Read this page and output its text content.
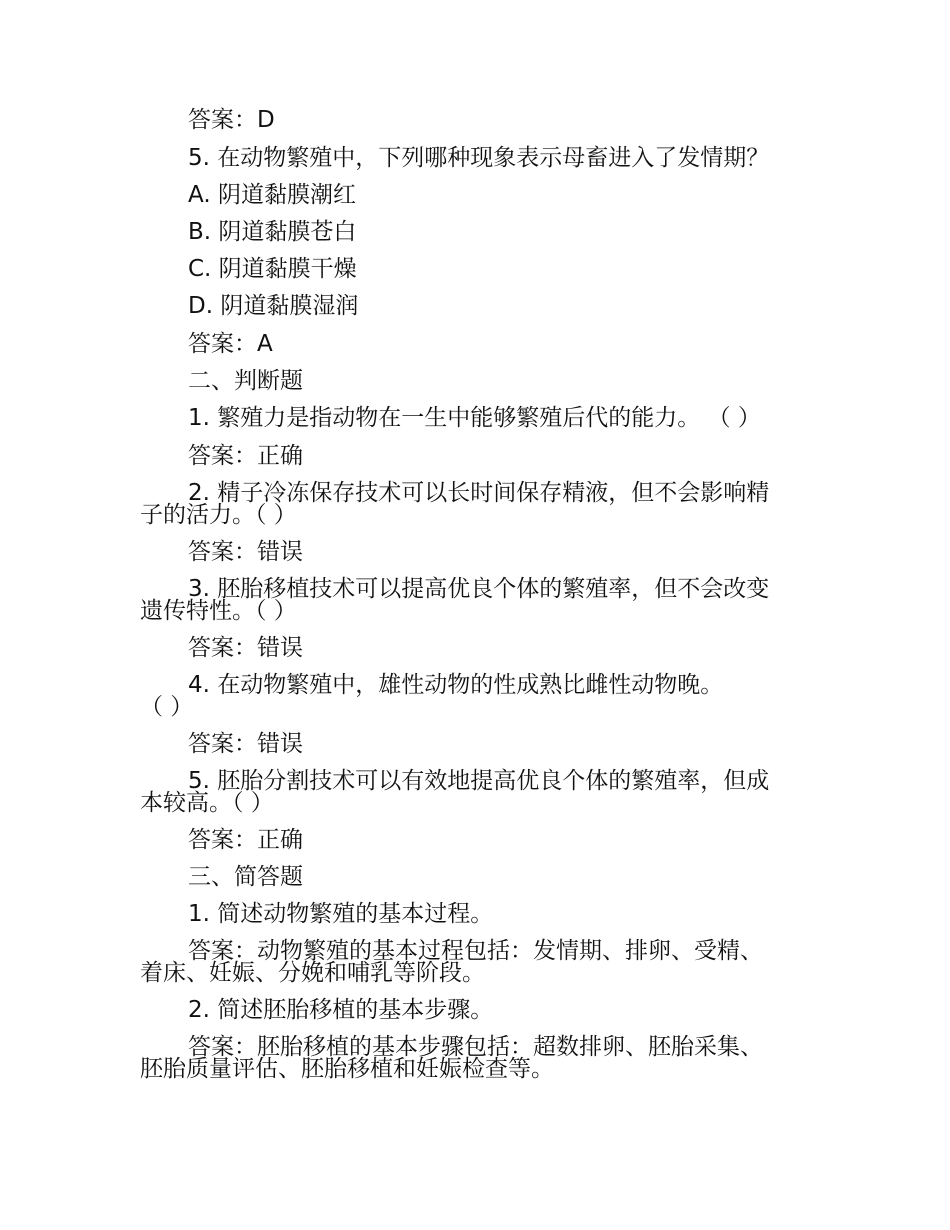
答案：D
5. 在动物繁殖中，下列哪种现象表示母畜进入了发情期？
A. 阴道黏膜潮红
B. 阴道黏膜苍白
C. 阴道黏膜干燥
D. 阴道黏膜湿润
答案：A
二、判断题
1. 繁殖力是指动物在一生中能够繁殖后代的能力。 （ ）
答案：正确
2. 精子冷冻保存技术可以长时间保存精液，但不会影响精
子的活力。（ ）
答案：错误
3. 胚胎移植技术可以提高优良个体的繁殖率，但不会改变
遗传特性。（ ）
答案：错误
4. 在动物繁殖中，雄性动物的性成熟比雌性动物晚。
（ ）
答案：错误
5. 胚胎分割技术可以有效地提高优良个体的繁殖率，但成
本较高。（ ）
答案：正确
三、简答题
1. 简述动物繁殖的基本过程。
答案：动物繁殖的基本过程包括：发情期、排卵、受精、
着床、妊娠、分娩和哺乳等阶段。
2. 简述胚胎移植的基本步骤。
答案：胚胎移植的基本步骤包括：超数排卵、胚胎采集、
胚胎质量评估、胚胎移植和妊娠检查等。
